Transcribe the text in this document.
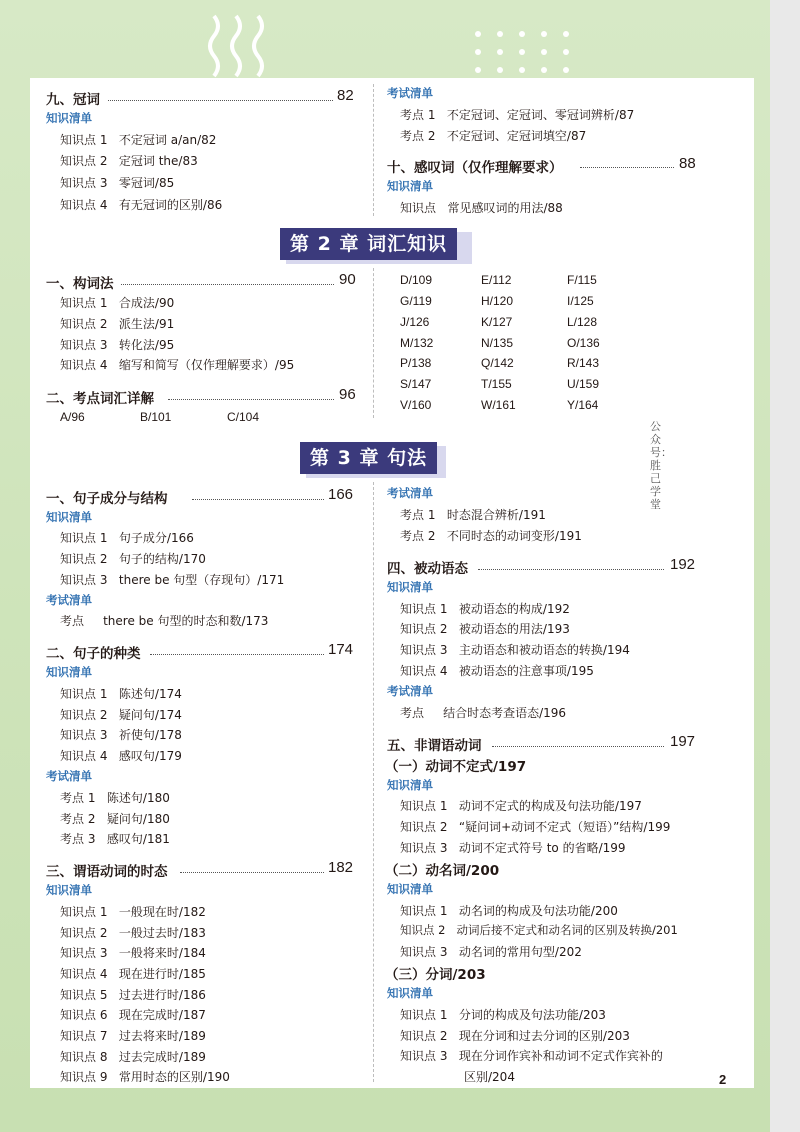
九、冠词	82
知识清单
知识点 1 不定冠词 a/an/82
知识点 2 定冠词 the/83
知识点 3 零冠词/85
知识点 4 有无冠词的区别/86
考试清单
考点 1 不定冠词、定冠词、零冠词辨析/87
考点 2 不定冠词、定冠词填空/87
十、感叹词（仅作理解要求）	88
知识清单
知识点 常见感叹词的用法/88
第 2 章 词汇知识
一、构词法	90
知识点 1 合成法/90
知识点 2 派生法/91
知识点 3 转化法/95
知识点 4 缩写和简写（仅作理解要求）/95
二、考点词汇详解	96
A/96	B/101	C/104
D/109	E/112	F/115
G/119	H/120	I/125
J/126	K/127	L/128
M/132	N/135	O/136
P/138	Q/142	R/143
S/147	T/155	U/159
V/160	W/161	Y/164
公众号：胜己学堂
第 3 章 句法
一、句子成分与结构	166
知识清单
知识点 1 句子成分/166
知识点 2 句子的结构/170
知识点 3 there be 句型（存现句）/171
考试清单
考点 there be 句型的时态和数/173
二、句子的种类	174
知识清单
知识点 1 陈述句/174
知识点 2 疑问句/174
知识点 3 祈使句/178
知识点 4 感叹句/179
考试清单
考点 1 陈述句/180
考点 2 疑问句/180
考点 3 感叹句/181
三、谓语动词的时态	182
知识清单
知识点 1 一般现在时/182
知识点 2 一般过去时/183
知识点 3 一般将来时/184
知识点 4 现在进行时/185
知识点 5 过去进行时/186
知识点 6 现在完成时/187
知识点 7 过去将来时/189
知识点 8 过去完成时/189
知识点 9 常用时态的区别/190
考试清单
考点 1 时态混合辨析/191
考点 2 不同时态的动词变形/191
四、被动语态	192
知识清单
知识点 1 被动语态的构成/192
知识点 2 被动语态的用法/193
知识点 3 主动语态和被动语态的转换/194
知识点 4 被动语态的注意事项/195
考试清单
考点 结合时态考查语态/196
五、非谓语动词	197
（一）动词不定式/197
知识清单
知识点 1 动词不定式的构成及句法功能/197
知识点 2 “疑问词+动词不定式（短语）”结构/199
知识点 3 动词不定式符号 to 的省略/199
（二）动名词/200
知识清单
知识点 1 动名词的构成及句法功能/200
知识点 2 动词后接不定式和动名词的区别及转换/201
知识点 3 动名词的常用句型/202
（三）分词/203
知识清单
知识点 1 分词的构成及句法功能/203
知识点 2 现在分词和过去分词的区别/203
知识点 3 现在分词作宾补和动词不定式作宾补的
区别/204	2
